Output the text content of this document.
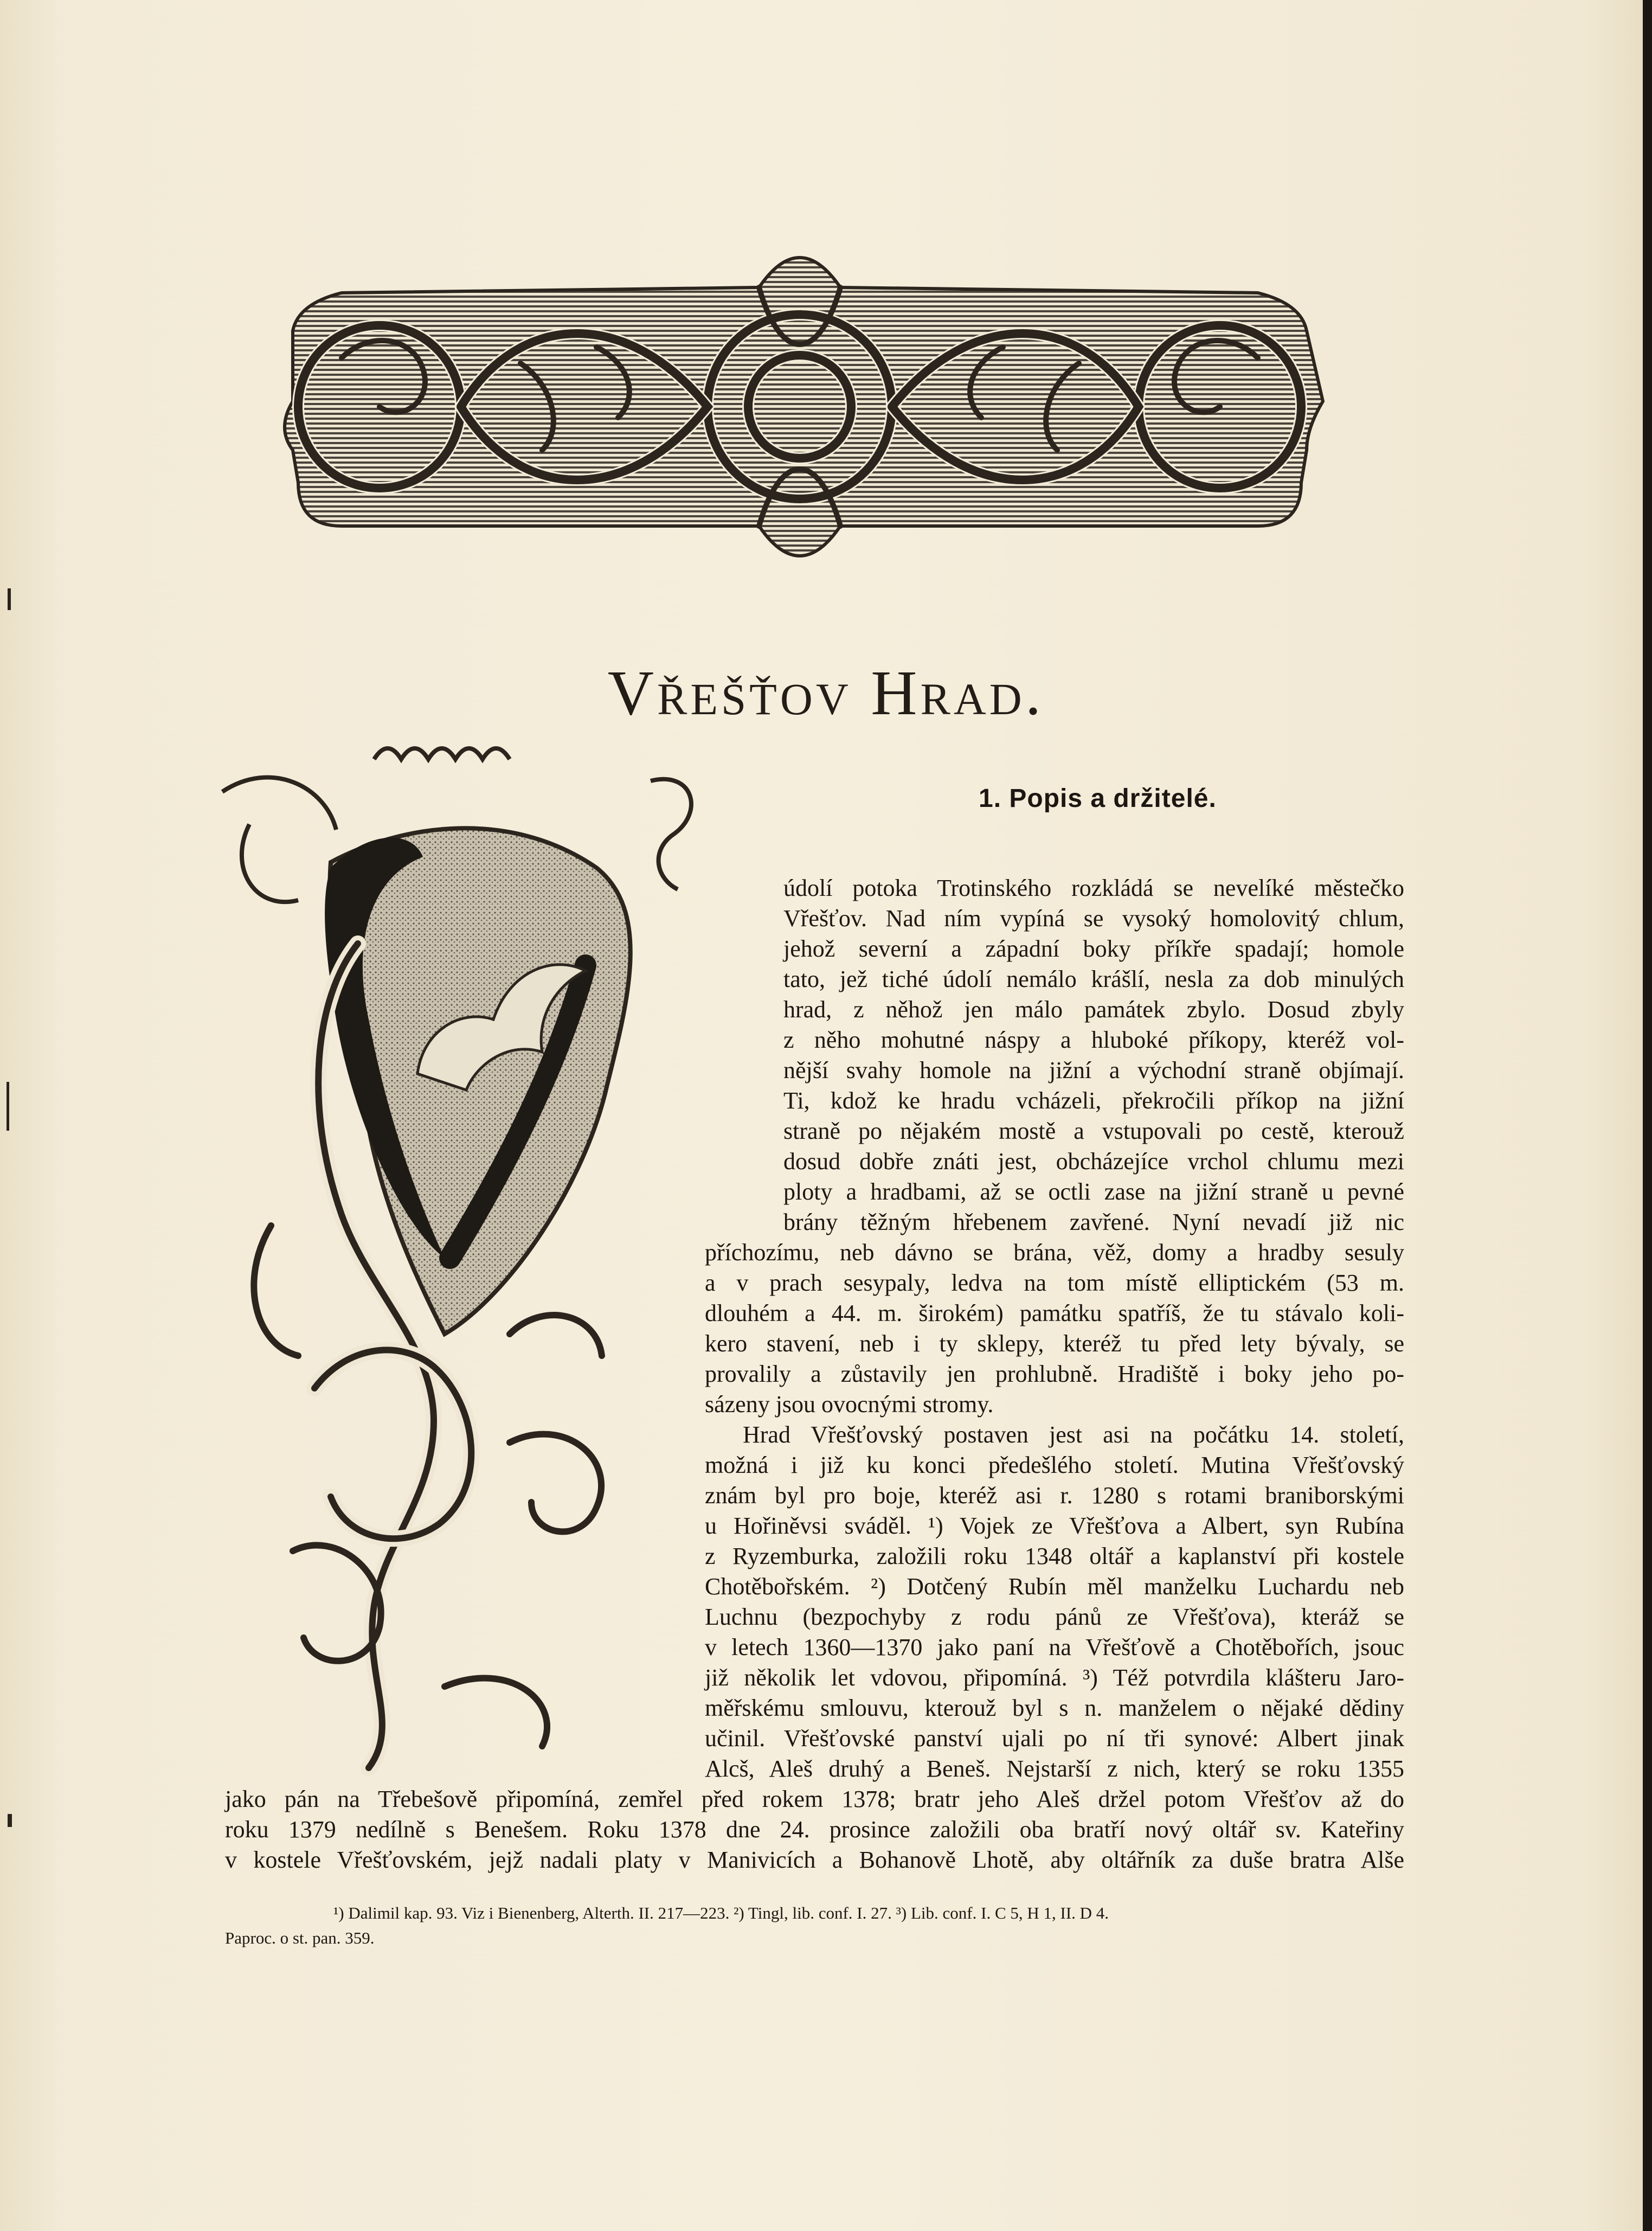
Vřešťov Hrad.
1. Popis a držitelé.
údolí potoka Trotinského rozkládá se nevelíké městečko
Vřešťov. Nad ním vypíná se vysoký homolovitý chlum,
jehož severní a západní boky příkře spadají; homole
tato, jež tiché údolí nemálo krášlí, nesla za dob minulých
hrad, z něhož jen málo památek zbylo. Dosud zbyly
z něho mohutné náspy a hluboké příkopy, kteréž vol-
nější svahy homole na jižní a východní straně objímají.
Ti, kdož ke hradu vcházeli, překročili příkop na jižní
straně po nějakém mostě a vstupovali po cestě, kterouž
dosud dobře znáti jest, obcházejíce vrchol chlumu mezi
ploty a hradbami, až se octli zase na jižní straně u pevné
brány těžným hřebenem zavřené. Nyní nevadí již nic
příchozímu, neb dávno se brána, věž, domy a hradby sesuly
a v prach sesypaly, ledva na tom místě elliptickém (53 m.
dlouhém a 44. m. širokém) památku spatříš, že tu stávalo koli-
kero stavení, neb i ty sklepy, kteréž tu před lety bývaly, se
provalily a zůstavily jen prohlubně. Hradiště i boky jeho po-
sázeny jsou ovocnými stromy.
Hrad Vřešťovský postaven jest asi na počátku 14. století,
možná i již ku konci předešlého století. Mutina Vřešťovský
znám byl pro boje, kteréž asi r. 1280 s rotami braniborskými
u Hořiněvsi sváděl. ¹) Vojek ze Vřešťova a Albert, syn Rubína
z Ryzemburka, založili roku 1348 oltář a kaplanství při kostele
Chotěbořském. ²) Dotčený Rubín měl manželku Luchardu neb
Luchnu (bezpochyby z rodu pánů ze Vřešťova), kteráž se
v letech 1360—1370 jako paní na Vřešťově a Chotěbořích, jsouc
již několik let vdovou, připomíná. ³) Též potvrdila klášteru Jaro-
měřskému smlouvu, kterouž byl s n. manželem o nějaké dědiny
učinil. Vřešťovské panství ujali po ní tři synové: Albert jinak
Alcš, Aleš druhý a Beneš. Nejstarší z nich, který se roku 1355
jako pán na Třebešově připomíná, zemřel před rokem 1378; bratr jeho Aleš držel potom Vřešťov až do
roku 1379 nedílně s Benešem. Roku 1378 dne 24. prosince založili oba bratří nový oltář sv. Kateřiny
v kostele Vřešťovském, jejž nadali platy v Manivicích a Bohanově Lhotě, aby oltářník za duše bratra Alše
¹) Dalimil kap. 93. Viz i Bienenberg, Alterth. II. 217—223. ²) Tingl, lib. conf. I. 27. ³) Lib. conf. I. C 5, H 1, II. D 4.
Paproc. o st. pan. 359.
